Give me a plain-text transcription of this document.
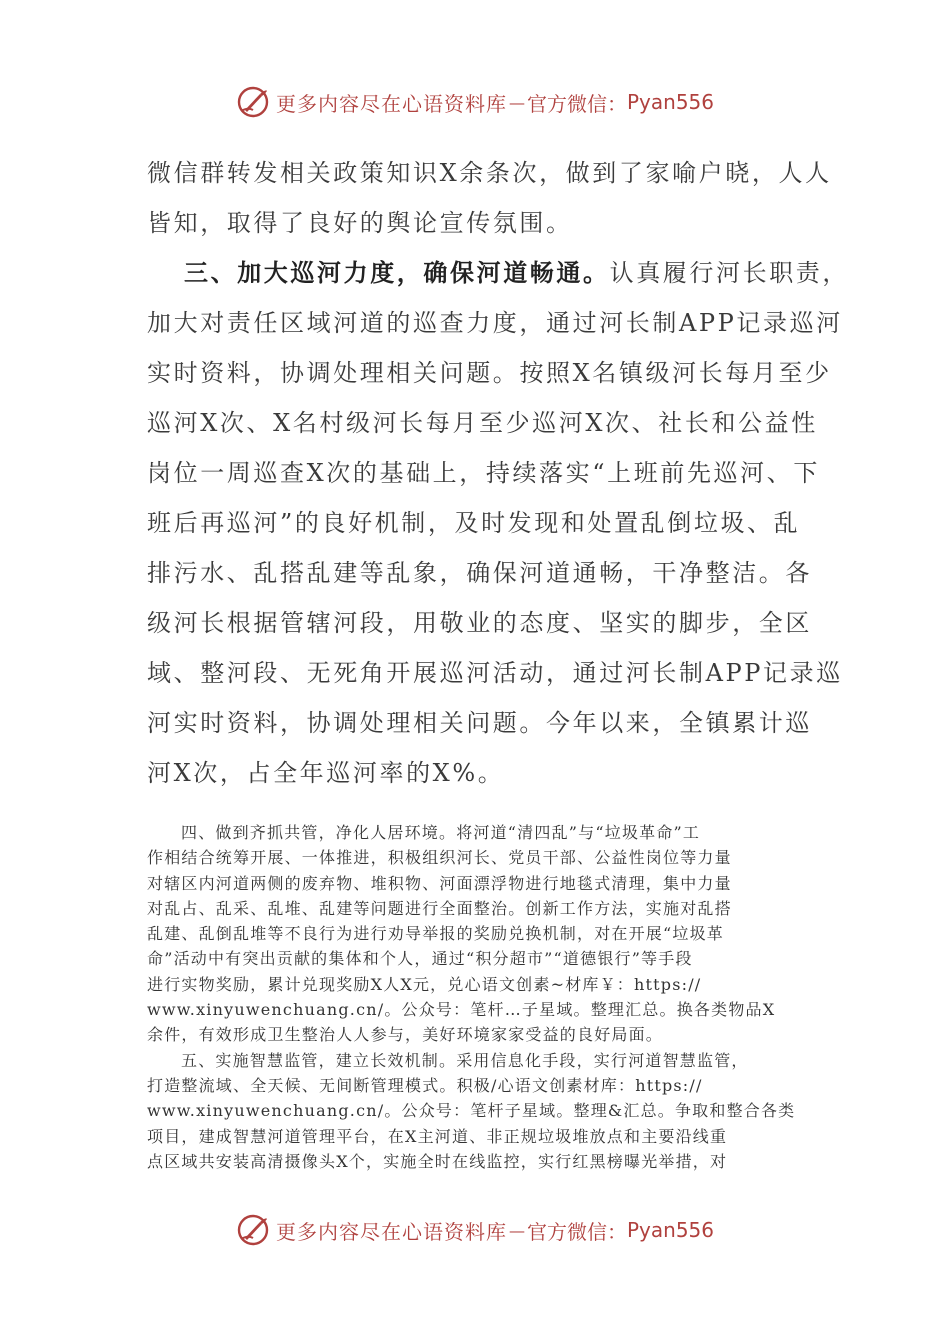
更多内容尽在心语资料库 — 官方微信： Pyan556
微信群转发相关政策知识X余条次，做到了家喻户晓，人人
皆知，取得了良好的舆论宣传氛围。
三、加大巡河力度，确保河道畅通。认真履行河长职责，
加大对责任区域河道的巡查力度，通过河长制APP记录巡河
实时资料，协调处理相关问题。按照X名镇级河长每月至少
巡河X次、X名村级河长每月至少巡河X次、社长和公益性
岗位一周巡查X次的基础上，持续落实“上班前先巡河、下
班后再巡河”的良好机制，及时发现和处置乱倒垃圾、乱
排污水、乱搭乱建等乱象，确保河道通畅，干净整洁。各
级河长根据管辖河段，用敬业的态度、坚实的脚步，全区
域、整河段、无死角开展巡河活动，通过河长制APP记录巡
河实时资料，协调处理相关问题。今年以来，全镇累计巡
河X次，占全年巡河率的X%。
四、做到齐抓共管，净化人居环境。将河道“清四乱”与“垃圾革命”工
作相结合统筹开展、一体推进，积极组织河长、党员干部、公益性岗位等力量
对辖区内河道两侧的废弃物、堆积物、河面漂浮物进行地毯式清理，集中力量
对乱占、乱采、乱堆、乱建等问题进行全面整治。创新工作方法，实施对乱搭
乱建、乱倒乱堆等不良行为进行劝导举报的奖励兑换机制，对在开展“垃圾革
命”活动中有突出贡献的集体和个人，通过“积分超市”“道德银行”等手段
进行实物奖励，累计兑现奖励X人X元，兑心语文创素~材库￥：https://
www.xinyuwenchuang.cn/。公众号：笔杆…子星域。整理汇总。换各类物品X
余件，有效形成卫生整治人人参与，美好环境家家受益的良好局面。
五、实施智慧监管，建立长效机制。采用信息化手段，实行河道智慧监管，
打造整流域、全天候、无间断管理模式。积极/心语文创素材库：https://
www.xinyuwenchuang.cn/。公众号：笔杆子星域。整理&汇总。争取和整合各类
项目，建成智慧河道管理平台，在X主河道、非正规垃圾堆放点和主要沿线重
点区域共安装高清摄像头X个，实施全时在线监控，实行红黑榜曝光举措，对
更多内容尽在心语资料库 — 官方微信： Pyan556
